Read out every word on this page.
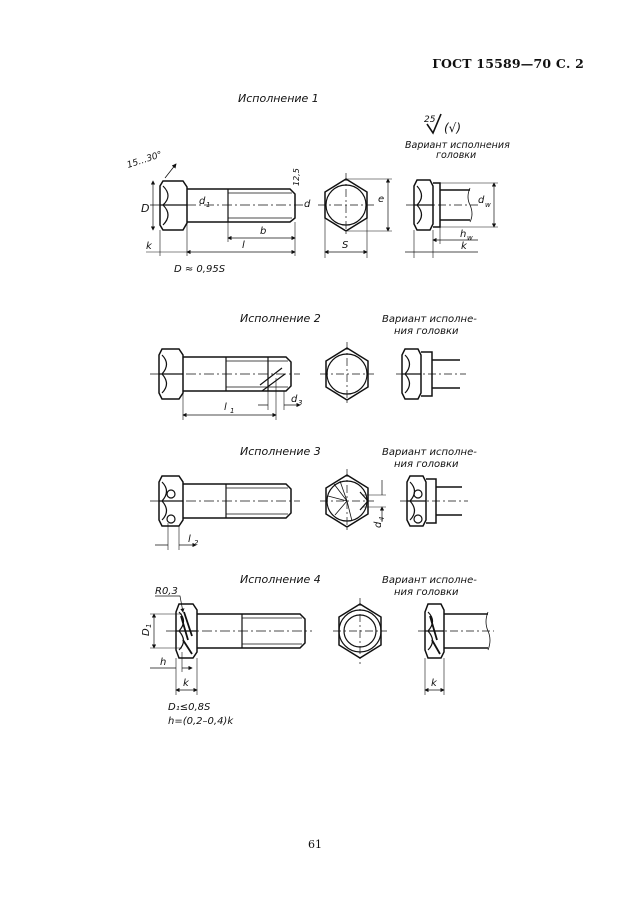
ГОСТ 15589—70 С. 2
Исполнение 1
25
(√)
Вариант исполнения
головки
15…30°
D
d 1
12,5
b
l
k
D ≈ 0,95S
S
e
d	d w
h w
k
Исполнение 2	Вариант исполне-
ния головки
l 1
d 3
Исполнение 3	Вариант исполне-
ния головки
l 2
d
4
Исполнение 4	Вариант исполне-
ния головки
R0,3
D
1
h
k
D₁≤0,8S
h=(0,2–0,4)k
k
61
